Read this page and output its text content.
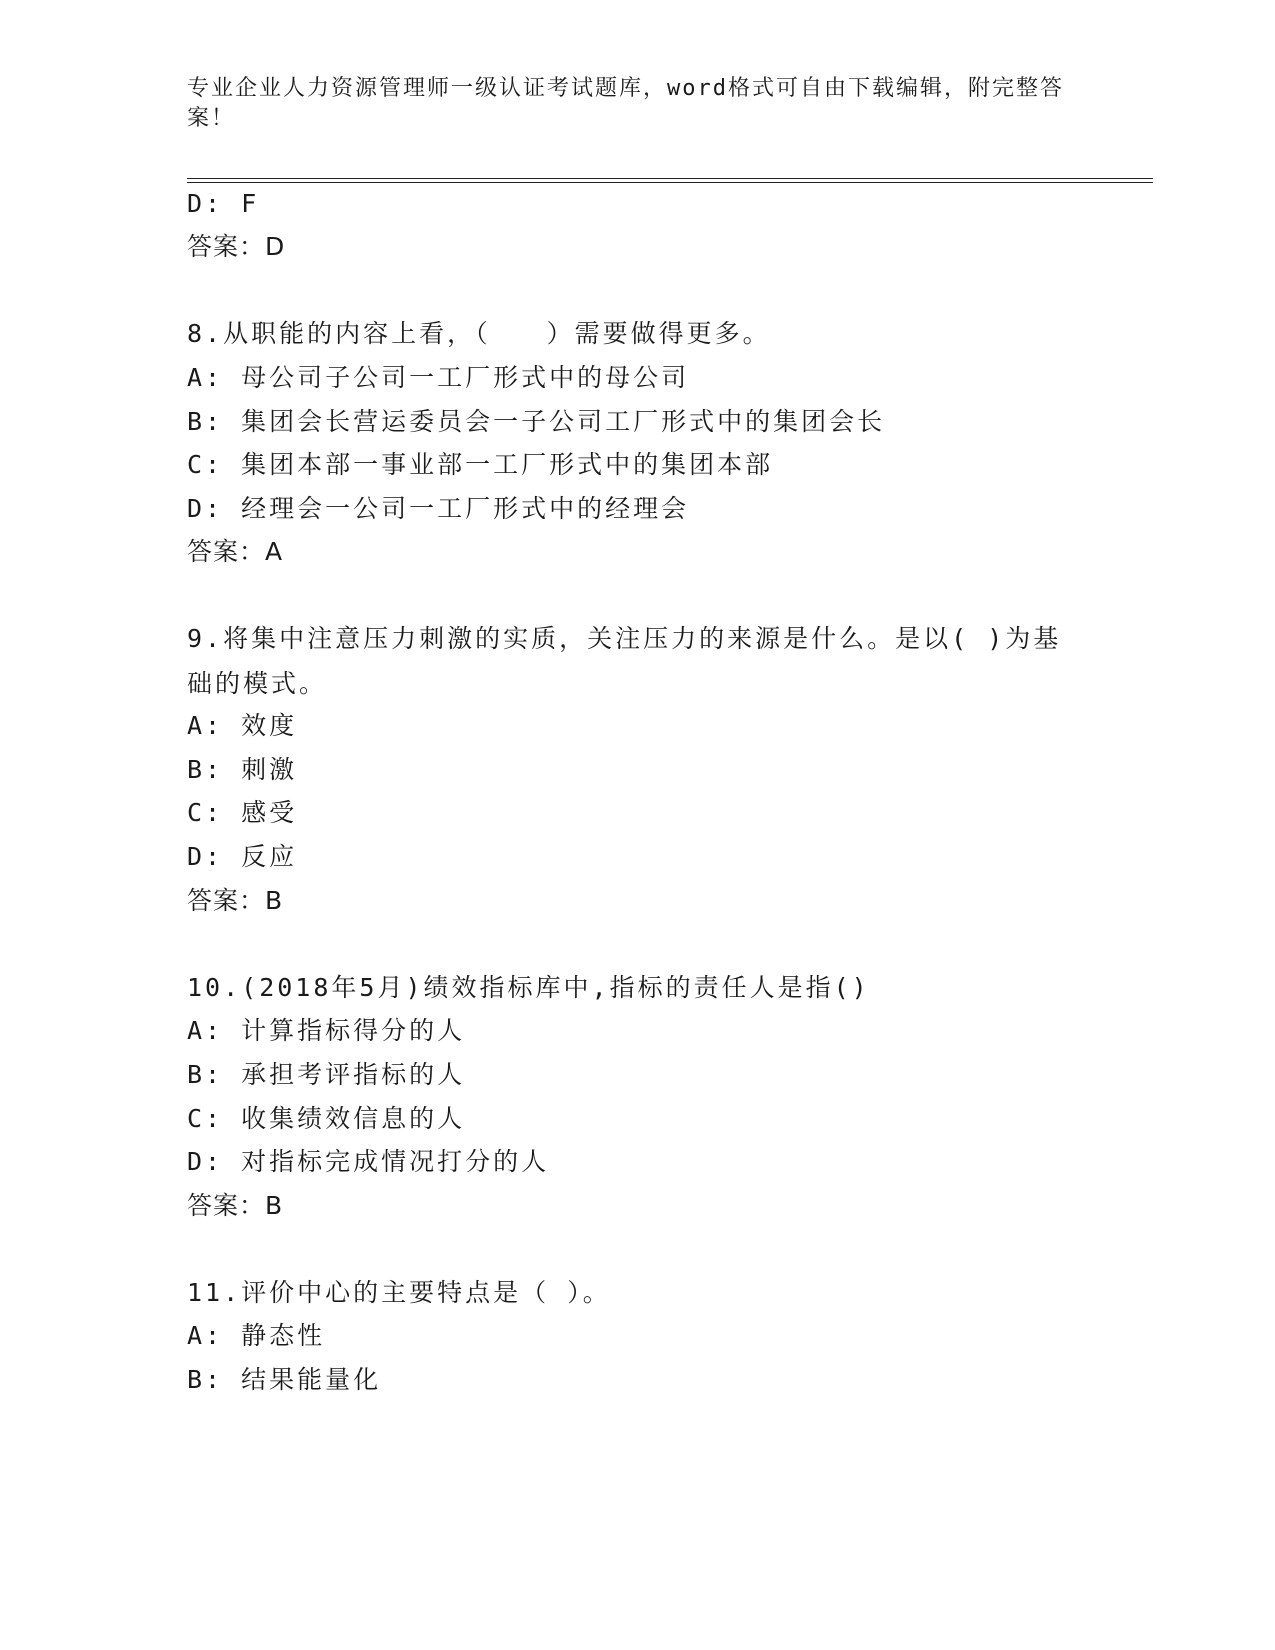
专业企业人力资源管理师一级认证考试题库，word格式可自由下载编辑，附完整答案！
D: F
答案：D
8.从职能的内容上看，（　　）需要做得更多。
A: 母公司子公司一工厂形式中的母公司
B: 集团会长营运委员会一子公司工厂形式中的集团会长
C: 集团本部一事业部一工厂形式中的集团本部
D: 经理会一公司一工厂形式中的经理会
答案：A
9.将集中注意压力刺激的实质，关注压力的来源是什么。是以( )为基础的模式。
A: 效度
B: 刺激
C: 感受
D: 反应
答案：B
10.(2018年5月)绩效指标库中,指标的责任人是指()
A: 计算指标得分的人
B: 承担考评指标的人
C: 收集绩效信息的人
D: 对指标完成情况打分的人
答案：B
11.评价中心的主要特点是（ ）。
A: 静态性
B: 结果能量化
